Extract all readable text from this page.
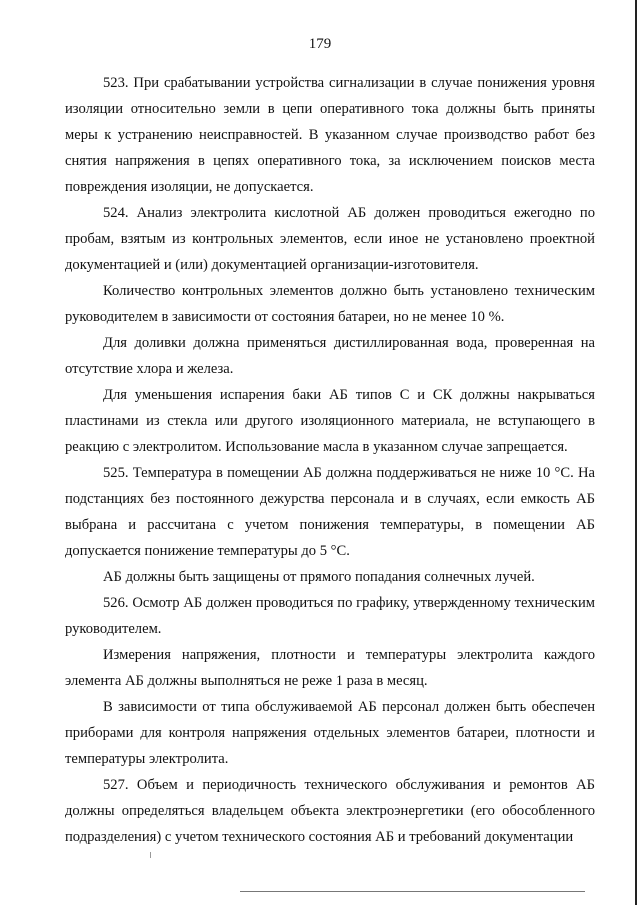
179

523. При срабатывании устройства сигнализации в случае понижения уровня изоляции относительно земли в цепи оперативного тока должны быть приняты меры к устранению неисправностей. В указанном случае производство работ без снятия напряжения в цепях оперативного тока, за исключением поисков места повреждения изоляции, не допускается.

524. Анализ электролита кислотной АБ должен проводиться ежегодно по пробам, взятым из контрольных элементов, если иное не установлено проектной документацией и (или) документацией организации-изготовителя.

Количество контрольных элементов должно быть установлено техническим руководителем в зависимости от состояния батареи, но не менее 10 %.

Для доливки должна применяться дистиллированная вода, проверенная на отсутствие хлора и железа.

Для уменьшения испарения баки АБ типов С и СК должны накрываться пластинами из стекла или другого изоляционного материала, не вступающего в реакцию с электролитом. Использование масла в указанном случае запрещается.

525. Температура в помещении АБ должна поддерживаться не ниже 10 °С. На подстанциях без постоянного дежурства персонала и в случаях, если емкость АБ выбрана и рассчитана с учетом понижения температуры, в помещении АБ допускается понижение температуры до 5 °С.

АБ должны быть защищены от прямого попадания солнечных лучей.

526. Осмотр АБ должен проводиться по графику, утвержденному техническим руководителем.

Измерения напряжения, плотности и температуры электролита каждого элемента АБ должны выполняться не реже 1 раза в месяц.

В зависимости от типа обслуживаемой АБ персонал должен быть обеспечен приборами для контроля напряжения отдельных элементов батареи, плотности и температуры электролита.

527. Объем и периодичность технического обслуживания и ремонтов АБ должны определяться владельцем объекта электроэнергетики (его обособленного подразделения) с учетом технического состояния АБ и требований документации
